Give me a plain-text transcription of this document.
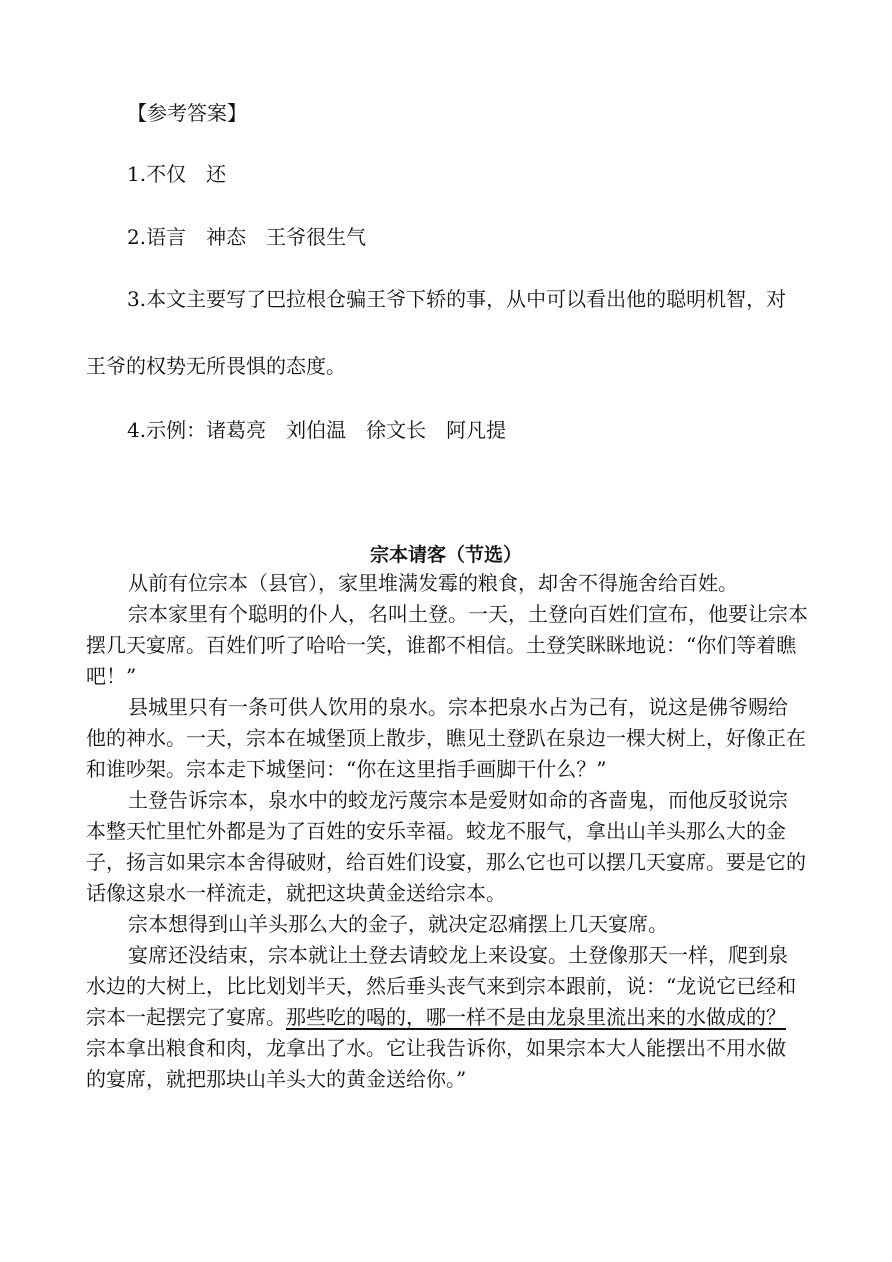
【参考答案】
1.不仅　还
2.语言　神态　王爷很生气
3.本文主要写了巴拉根仓骗王爷下轿的事，从中可以看出他的聪明机智，对
王爷的权势无所畏惧的态度。
4.示例：诸葛亮　刘伯温　徐文长　阿凡提
宗本请客（节选）
从前有位宗本（县官），家里堆满发霉的粮食，却舍不得施舍给百姓。
宗本家里有个聪明的仆人，名叫土登。一天，土登向百姓们宣布，他要让宗本
摆几天宴席。百姓们听了哈哈一笑，谁都不相信。土登笑眯眯地说：“你们等着瞧
吧！”
县城里只有一条可供人饮用的泉水。宗本把泉水占为己有，说这是佛爷赐给
他的神水。一天，宗本在城堡顶上散步，瞧见土登趴在泉边一棵大树上，好像正在
和谁吵架。宗本走下城堡问：“你在这里指手画脚干什么？”
土登告诉宗本，泉水中的蛟龙污蔑宗本是爱财如命的吝啬鬼，而他反驳说宗
本整天忙里忙外都是为了百姓的安乐幸福。蛟龙不服气，拿出山羊头那么大的金
子，扬言如果宗本舍得破财，给百姓们设宴，那么它也可以摆几天宴席。要是它的
话像这泉水一样流走，就把这块黄金送给宗本。
宗本想得到山羊头那么大的金子，就决定忍痛摆上几天宴席。
宴席还没结束，宗本就让土登去请蛟龙上来设宴。土登像那天一样，爬到泉
水边的大树上，比比划划半天，然后垂头丧气来到宗本跟前，说：“龙说它已经和
宗本一起摆完了宴席。那些吃的喝的，哪一样不是由龙泉里流出来的水做成的？
宗本拿出粮食和肉，龙拿出了水。它让我告诉你，如果宗本大人能摆出不用水做
的宴席，就把那块山羊头大的黄金送给你。”
